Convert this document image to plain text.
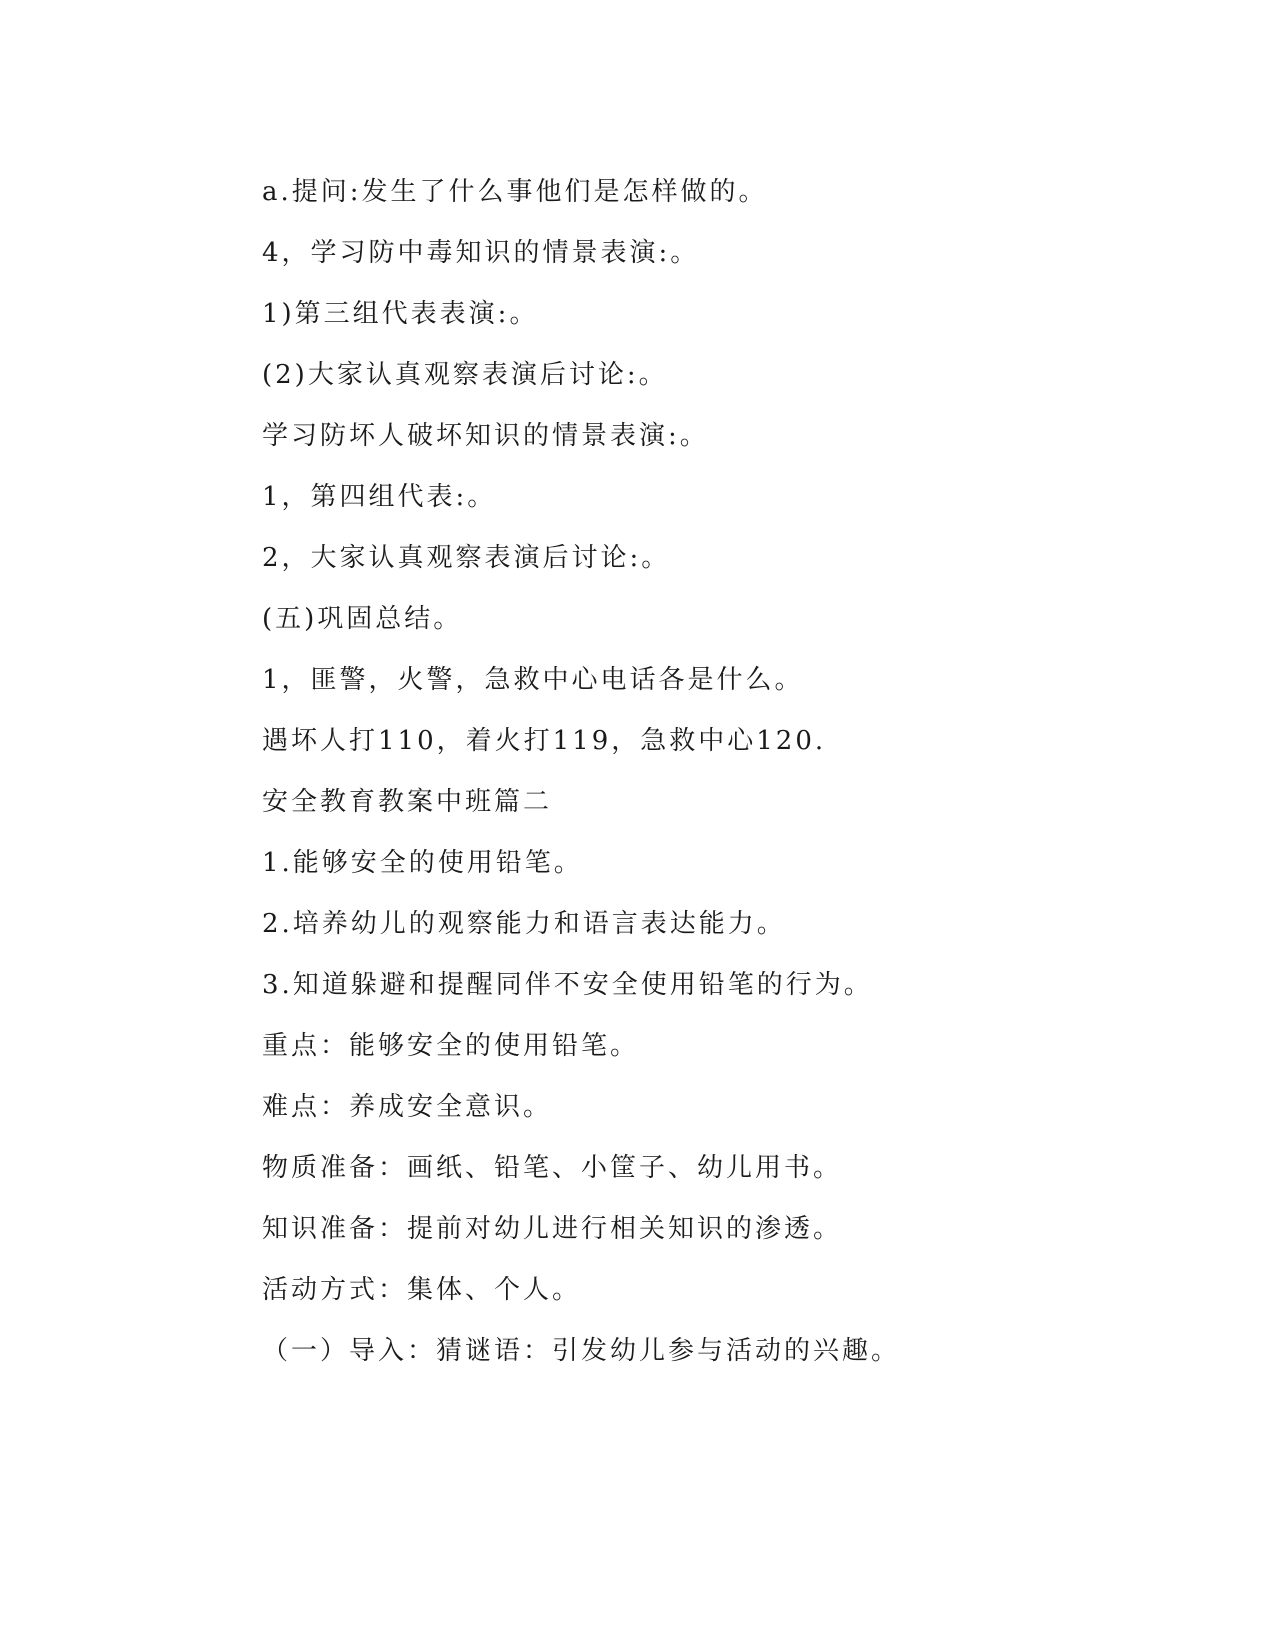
a.提问:发生了什么事他们是怎样做的。
4，学习防中毒知识的情景表演:。
1)第三组代表表演:。
(2)大家认真观察表演后讨论:。
学习防坏人破坏知识的情景表演:。
1，第四组代表:。
2，大家认真观察表演后讨论:。
(五)巩固总结。
1，匪警，火警，急救中心电话各是什么。
遇坏人打110，着火打119，急救中心120.
安全教育教案中班篇二
1.能够安全的使用铅笔。
2.培养幼儿的观察能力和语言表达能力。
3.知道躲避和提醒同伴不安全使用铅笔的行为。
重点：能够安全的使用铅笔。
难点：养成安全意识。
物质准备：画纸、铅笔、小筐子、幼儿用书。
知识准备：提前对幼儿进行相关知识的渗透。
活动方式：集体、个人。
（一）导入：猜谜语：引发幼儿参与活动的兴趣。
